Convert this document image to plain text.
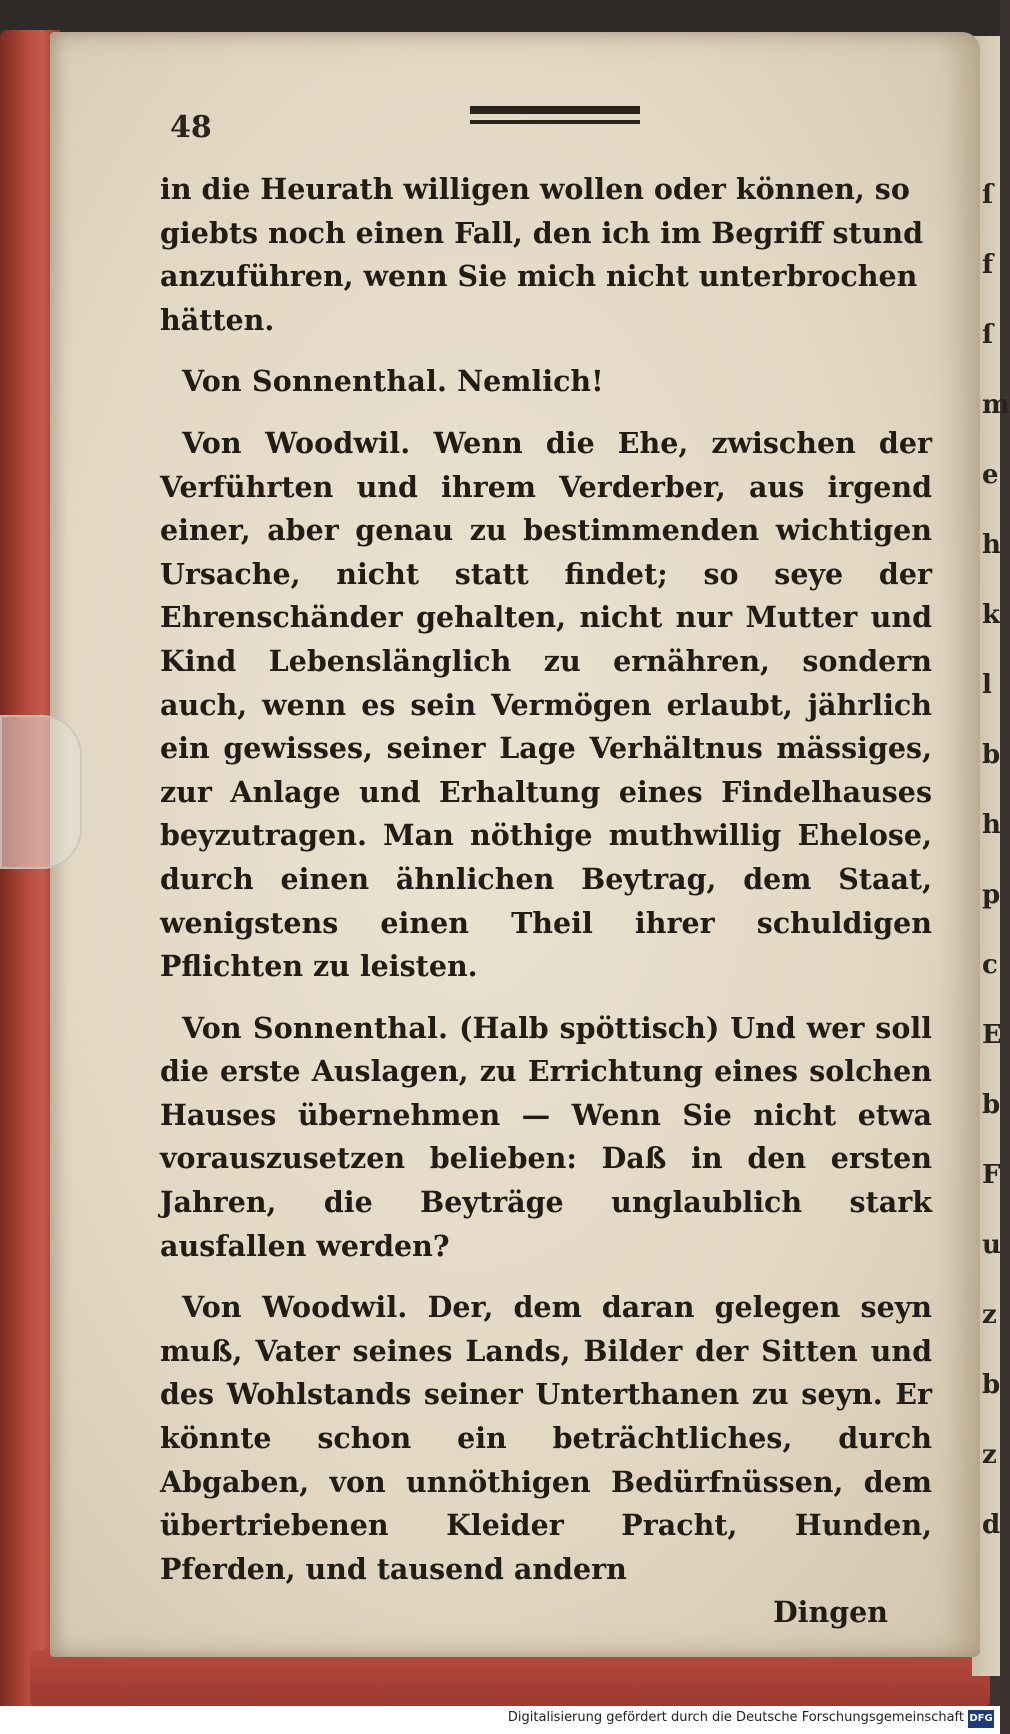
ſ
f
ſ
m
e
h
k
l
b
h
p
c
E
b
F
u
z
b
z
d
48

in die Heurath willigen wollen oder können, so

giebts noch einen Fall, den ich im Begriff stund

anzuführen, wenn Sie mich nicht unterbrochen

hätten.

Von Sonnenthal. Nemlich!

Von Woodwil. Wenn die Ehe, zwischen der Verführten und ihrem Verderber, aus irgend einer, aber genau zu bestimmenden wichtigen Ursache, nicht statt findet; so seye der Ehrenschänder gehalten, nicht nur Mutter und Kind Lebenslänglich zu ernähren, sondern auch, wenn es sein Vermögen erlaubt, jährlich ein gewisses, seiner Lage Verhältnus mässiges, zur Anlage und Erhaltung eines Findelhauses beyzutragen. Man nöthige muthwillig Ehelose, durch einen ähnlichen Beytrag, dem Staat, wenigstens einen Theil ihrer schuldigen Pflichten zu leisten.

Von Sonnenthal. (Halb spöttisch) Und wer soll die erste Auslagen, zu Errichtung eines solchen Hauses übernehmen — Wenn Sie nicht etwa vorauszusetzen belieben: Daß in den ersten Jahren, die Beyträge unglaublich stark ausfallen werden?

Von Woodwil. Der, dem daran gelegen seyn muß, Vater seines Lands, Bilder der Sitten und des Wohlstands seiner Unterthanen zu seyn. Er könnte schon ein beträchtliches, durch Abgaben, von unnöthigen Bedürfnüssen, dem übertriebenen Kleider Pracht, Hunden, Pferden, und tausend andern

Dingen
Digitalisierung gefördert durch die Deutsche Forschungsgemeinschaft DFG
